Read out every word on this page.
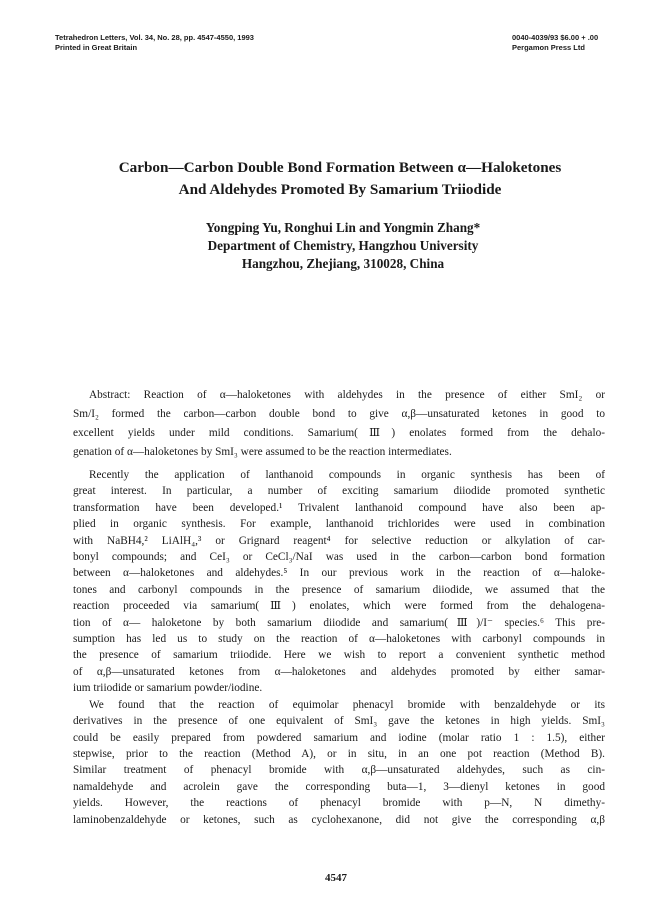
Tetrahedron Letters, Vol. 34, No. 28, pp. 4547-4550, 1993
Printed in Great Britain
0040-4039/93 $6.00 + .00
Pergamon Press Ltd
Carbon—Carbon Double Bond Formation Between α—Haloketones
And Aldehydes Promoted By Samarium Triiodide
Yongping Yu, Ronghui Lin and Yongmin Zhang*
Department of Chemistry, Hangzhou University
Hangzhou, Zhejiang, 310028, China
Abstract: Reaction of α—haloketones with aldehydes in the presence of either SmI₂ or
Sm/I₂ formed the carbon—carbon double bond to give α,β—unsaturated ketones in good to
excellent yields under mild conditions. Samarium(Ⅲ) enolates formed from the dehalo-
genation of α—haloketones by SmI₃ were assumed to be the reaction intermediates.
Recently the application of lanthanoid compounds in organic synthesis has been of
great interest. In particular, a number of exciting samarium diiodide promoted synthetic
transformation have been developed.¹ Trivalent lanthanoid compound have also been ap-
plied in organic synthesis. For example, lanthanoid trichlorides were used in combination
with NaBH4,² LiAlH₄,³ or Grignard reagent⁴ for selective reduction or alkylation of car-
bonyl compounds; and CeI₃ or CeCl₃/NaI was used in the carbon—carbon bond formation
between α—haloketones and aldehydes.⁵ In our previous work in the reaction of α—haloke-
tones and carbonyl compounds in the presence of samarium diiodide, we assumed that the
reaction proceeded via samarium(Ⅲ) enolates, which were formed from the dehalogena-
tion of α— haloketone by both samarium diiodide and samarium(Ⅲ)/I⁻ species.⁶ This pre-
sumption has led us to study on the reaction of α—haloketones with carbonyl compounds in
the presence of samarium triiodide. Here we wish to report a convenient synthetic method
of α,β—unsaturated ketones from α—haloketones and aldehydes promoted by either samar-
ium triiodide or samarium powder/iodine.
We found that the reaction of equimolar phenacyl bromide with benzaldehyde or its
derivatives in the presence of one equivalent of SmI₃ gave the ketones in high yields. SmI₃
could be easily prepared from powdered samarium and iodine (molar ratio 1 : 1.5), either
stepwise, prior to the reaction (Method A), or in situ, in an one pot reaction (Method B).
Similar treatment of phenacyl bromide with α,β—unsaturated aldehydes, such as cin-
namaldehyde and acrolein gave the corresponding buta—1, 3—dienyl ketones in good
yields. However, the reactions of phenacyl bromide with p—N, N dimethy-
laminobenzaldehyde or ketones, such as cyclohexanone, did not give the corresponding α,β
4547
